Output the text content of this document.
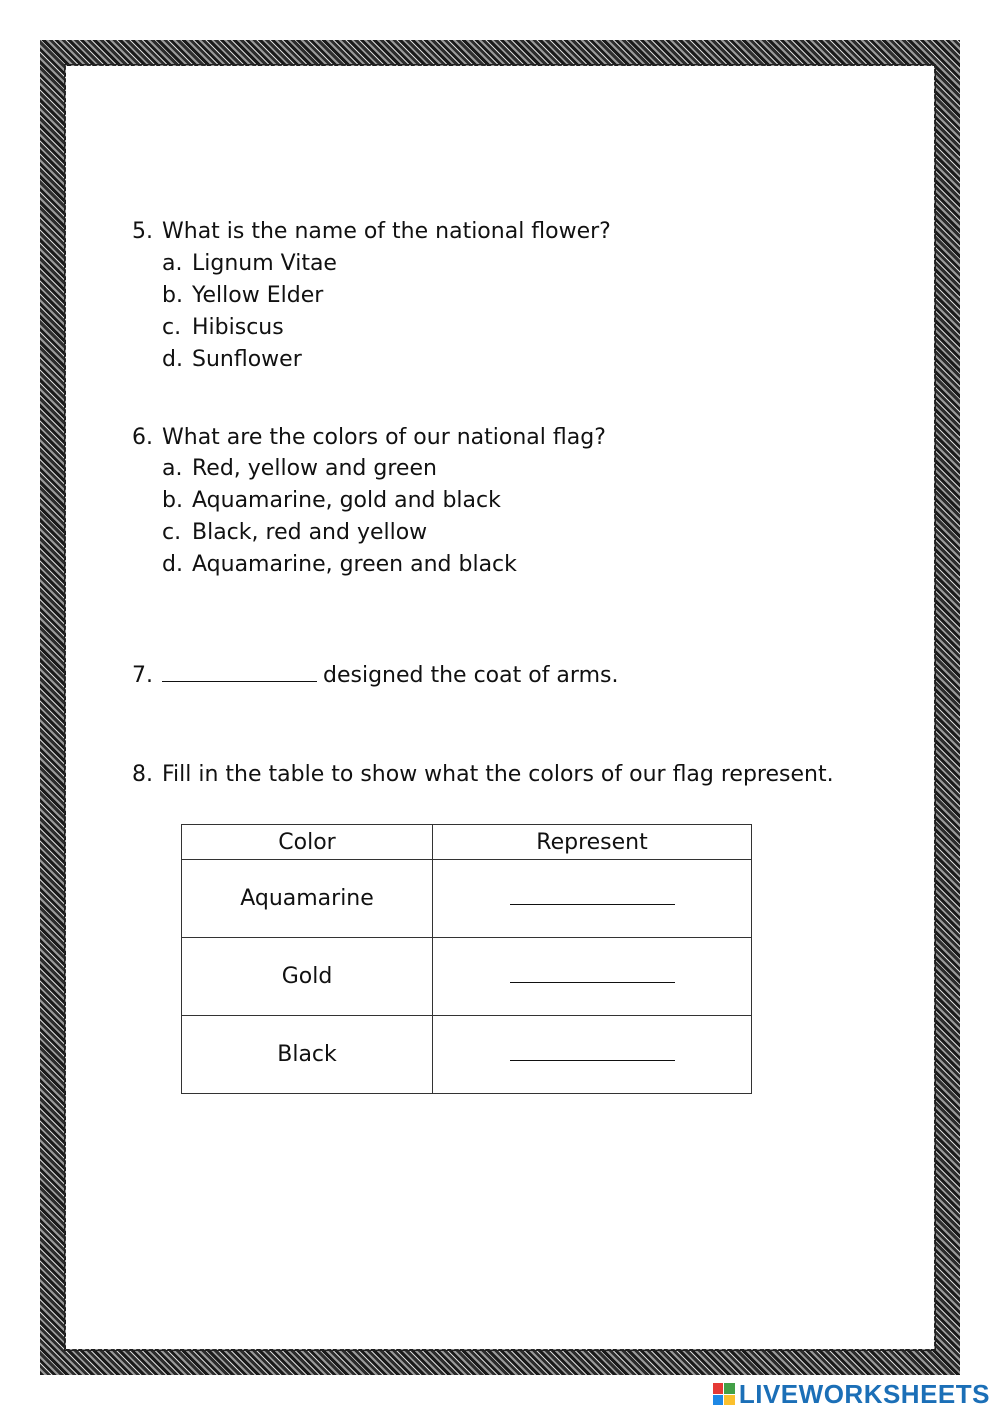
5. What is the name of the national flower?
a. Lignum Vitae
b. Yellow Elder
c. Hibiscus
d. Sunflower
6. What are the colors of our national flag?
a. Red, yellow and green
b. Aquamarine, gold and black
c. Black, red and yellow
d. Aquamarine, green and black
7.	designed the coat of arms.
8. Fill in the table to show what the colors of our flag represent.
Color	Represent
Aquamarine	
Gold	
Black	
LIVEWORKSHEETS
